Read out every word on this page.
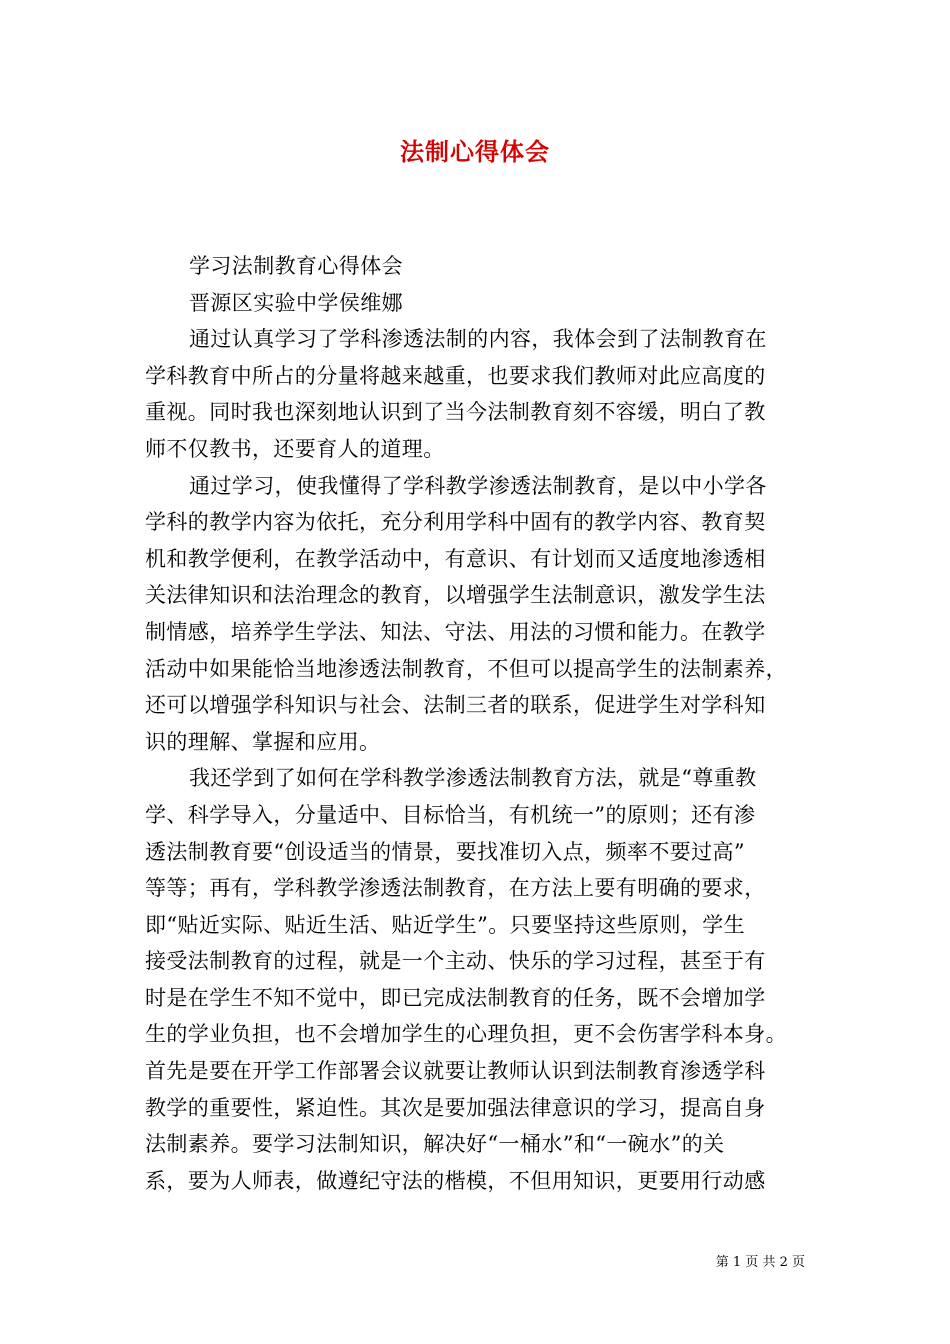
法制心得体会
学习法制教育心得体会
晋源区实验中学侯维娜
通过认真学习了学科渗透法制的内容，我体会到了法制教育在
学科教育中所占的分量将越来越重，也要求我们教师对此应高度的
重视。同时我也深刻地认识到了当今法制教育刻不容缓，明白了教
师不仅教书，还要育人的道理。
通过学习，使我懂得了学科教学渗透法制教育，是以中小学各
学科的教学内容为依托，充分利用学科中固有的教学内容、教育契
机和教学便利，在教学活动中，有意识、有计划而又适度地渗透相
关法律知识和法治理念的教育，以增强学生法制意识，激发学生法
制情感，培养学生学法、知法、守法、用法的习惯和能力。在教学
活动中如果能恰当地渗透法制教育，不但可以提高学生的法制素养，
还可以增强学科知识与社会、法制三者的联系，促进学生对学科知
识的理解、掌握和应用。
我还学到了如何在学科教学渗透法制教育方法，就是“尊重教
学、科学导入，分量适中、目标恰当，有机统一”的原则；还有渗
透法制教育要“创设适当的情景，要找准切入点，频率不要过高”
等等；再有，学科教学渗透法制教育，在方法上要有明确的要求，
即“贴近实际、贴近生活、贴近学生”。只要坚持这些原则，学生
接受法制教育的过程，就是一个主动、快乐的学习过程，甚至于有
时是在学生不知不觉中，即已完成法制教育的任务，既不会增加学
生的学业负担，也不会增加学生的心理负担，更不会伤害学科本身。
首先是要在开学工作部署会议就要让教师认识到法制教育渗透学科
教学的重要性，紧迫性。其次是要加强法律意识的学习，提高自身
法制素养。要学习法制知识，解决好“一桶水”和“一碗水”的关
系，要为人师表，做遵纪守法的楷模，不但用知识，更要用行动感
第 1 页 共 2 页
